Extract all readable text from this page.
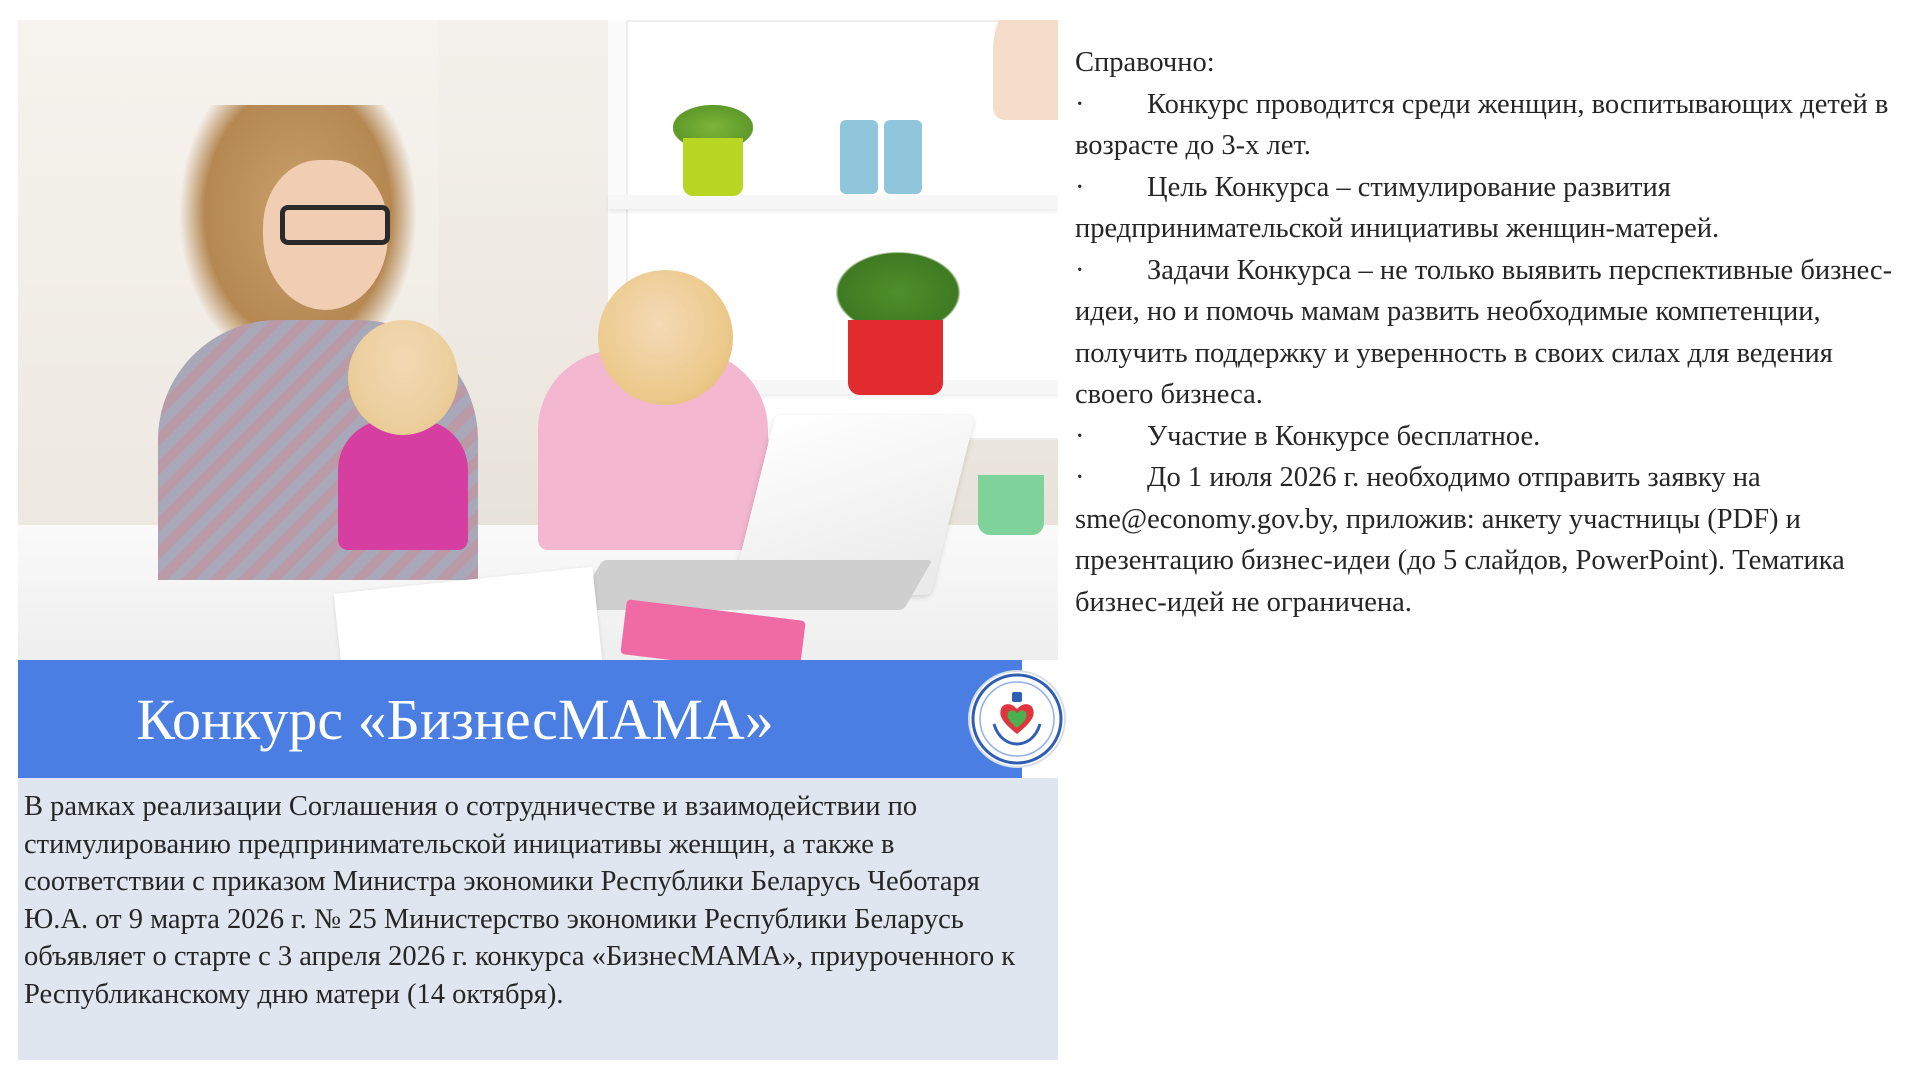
Конкурс «БизнесМАМА»

В рамках реализации Соглашения о сотрудничестве и взаимодействии по стимулированию предпринимательской инициативы женщин, а также в соответствии с приказом Министра экономики Республики Беларусь Чеботаря Ю.А. от 9 марта 2026 г. № 25 Министерство экономики Республики Беларусь объявляет о старте с 3 апреля 2026 г. конкурса «БизнесМАМА», приуроченного к Республиканскому дню матери (14 октября).

Справочно:

· Конкурс проводится среди женщин, воспитывающих детей в возрасте до 3-х лет.

· Цель Конкурса – стимулирование развития предпринимательской инициативы женщин-матерей.

· Задачи Конкурса – не только выявить перспективные бизнес-идеи, но и помочь мамам развить необходимые компетенции, получить поддержку и уверенность в своих силах для ведения своего бизнеса.

· Участие в Конкурсе бесплатное.

· До 1 июля 2026 г. необходимо отправить заявку на sme@economy.gov.by, приложив: анкету участницы (PDF) и презентацию бизнес-идеи (до 5 слайдов, PowerPoint). Тематика бизнес-идей не ограничена.
